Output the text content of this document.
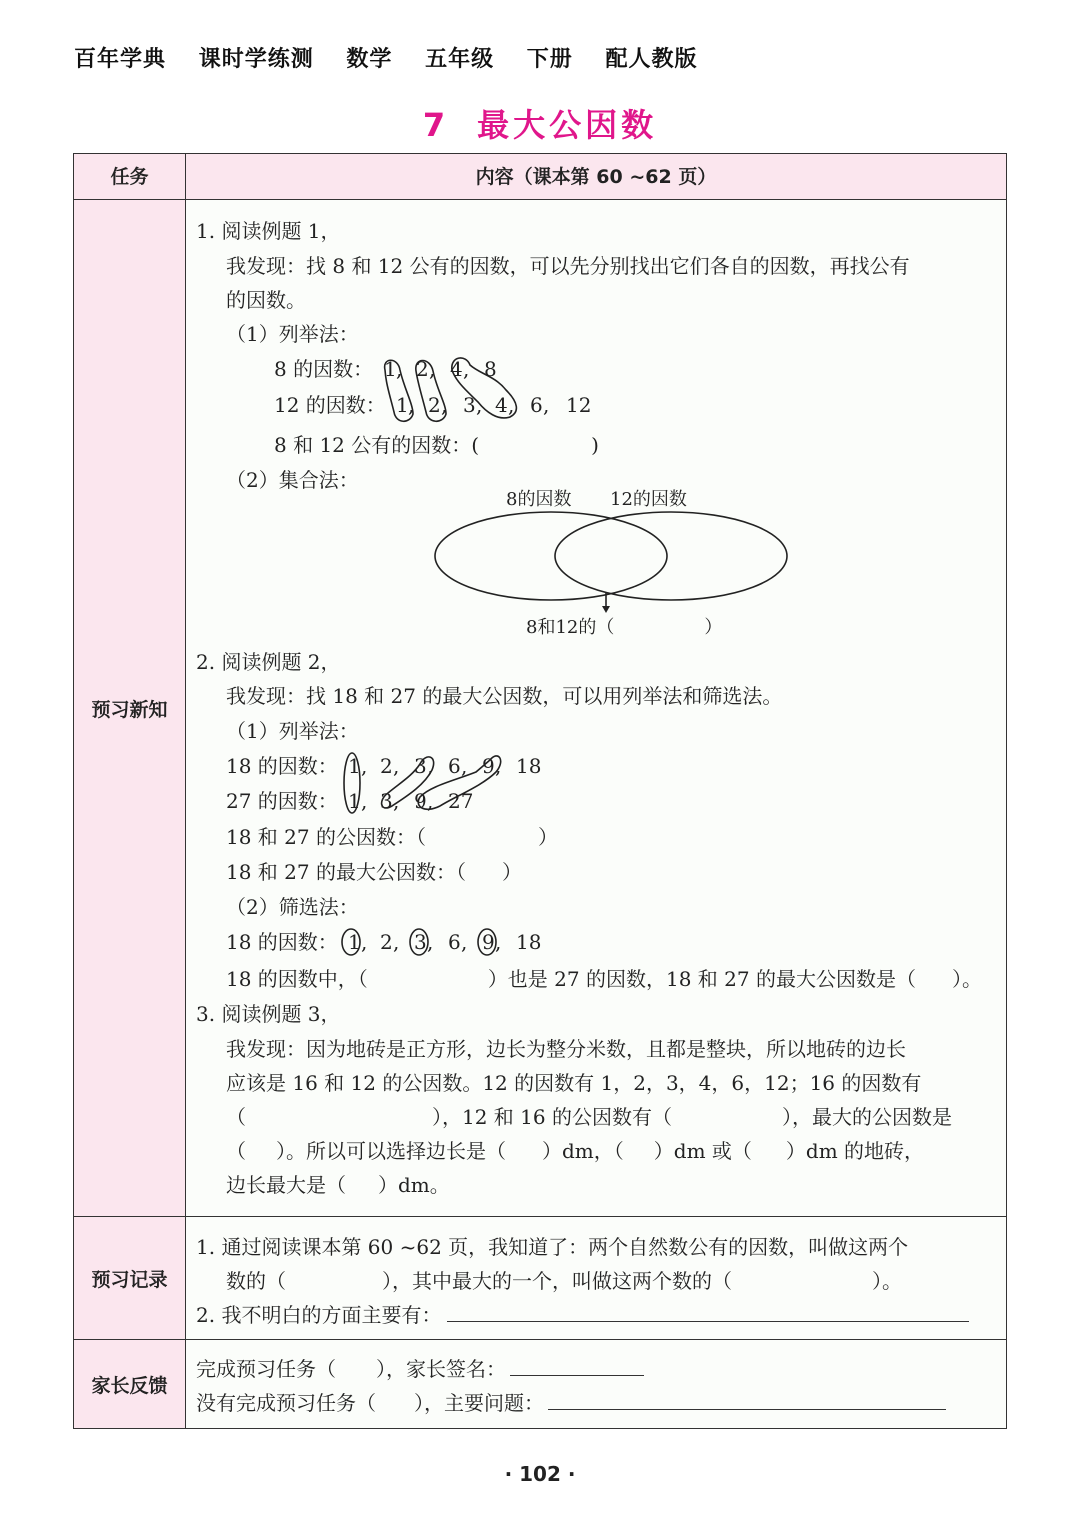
百年学典 课时学练测 数学 五年级 下册 配人教版
7 最大公因数
任务	内容（课本第 60 ~62 页）
预习新知
1. 阅读例题 1，
我发现：找 8 和 12 公有的因数，可以先分别找出它们各自的因数，再找公有
的因数。
（1）列举法：
8 的因数： 1 , 2 , 4 , 8
12 的因数： 1 , 2 , 3 , 4 , 6 , 12
8 和 12 公有的因数：(	)
（2）集合法：
8的因数 12的因数
8和12的（	）
2. 阅读例题 2，
我发现：找 18 和 27 的最大公因数，可以用列举法和筛选法。
（1）列举法：
18 的因数： 1 , 2 , 3 , 6 , 9 , 18
27 的因数： 1 , 3 , 9 , 27
18 和 27 的公因数：（	）
18 和 27 的最大公因数：（ ）
（2）筛选法：
18 的因数： 1 , 2 , 3 , 6 , 9 , 18
18 的因数中，（	）也是 27 的因数，18 和 27 的最大公因数是（ ）。
3. 阅读例题 3，
我发现：因为地砖是正方形，边长为整分米数，且都是整块，所以地砖的边长
应该是 16 和 12 的公因数。12 的因数有 1，2，3，4，6，12；16 的因数有
（	），12 和 16 的公因数有（	），最大的公因数是
（ ）。所以可以选择边长是（ ）dm，（ ）dm 或（ ）dm 的地砖，
边长最大是（ ）dm。
预习记录
1. 通过阅读课本第 60 ~62 页，我知道了：两个自然数公有的因数，叫做这两个
数的（	），其中最大的一个，叫做这两个数的（	）。
2. 我不明白的方面主要有：
家长反馈
完成预习任务（ ），家长签名：
没有完成预习任务（ ），主要问题：
· 102 ·
